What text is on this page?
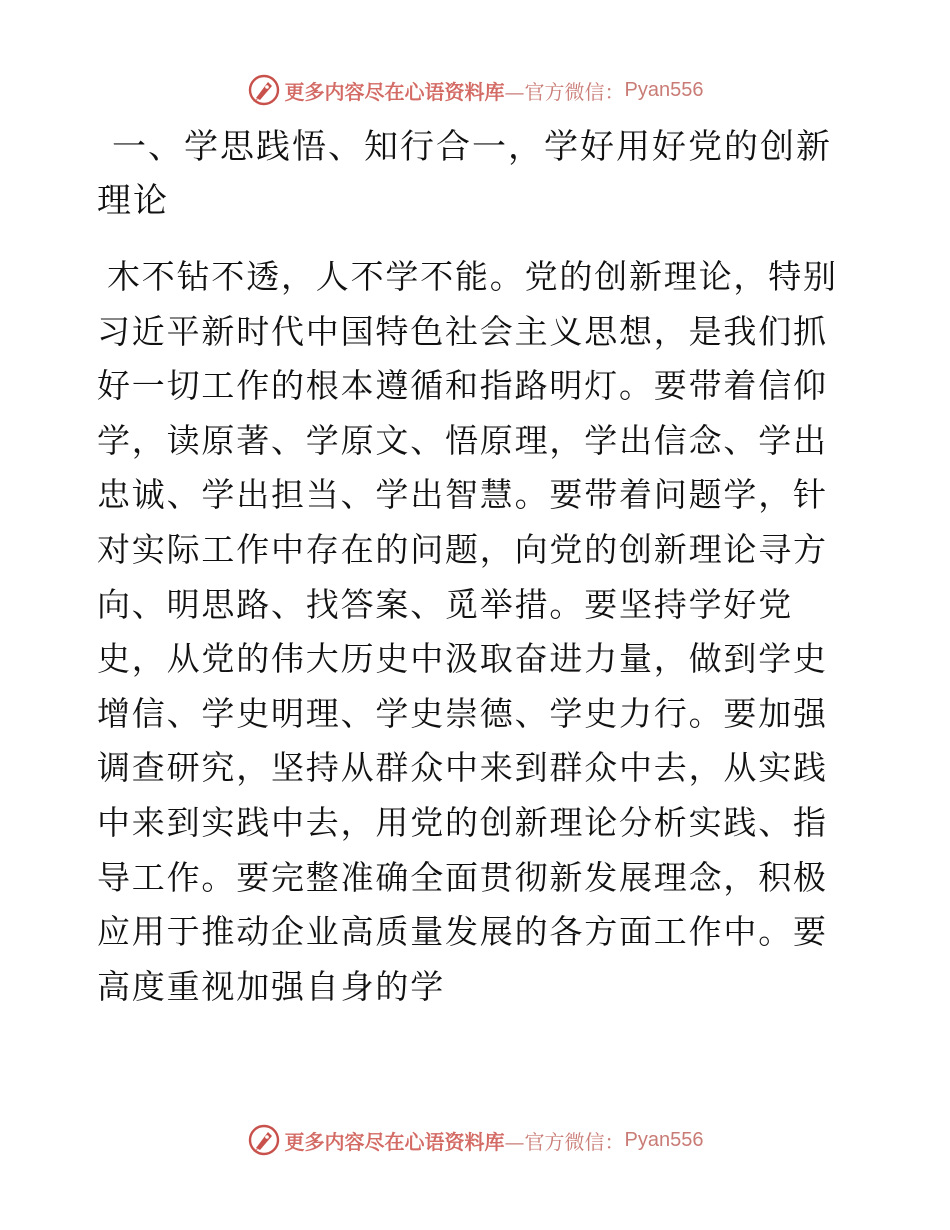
更多内容尽在心语资料库 —官方微信： Pyan556
一、学思践悟、知行合一，学好用好党的创新理论

木不钻不透，人不学不能。党的创新理论，特别习近平新时代中国特色社会主义思想，是我们抓好一切工作的根本遵循和指路明灯。要带着信仰学，读原著、学原文、悟原理，学出信念、学出忠诚、学出担当、学出智慧。要带着问题学，针对实际工作中存在的问题，向党的创新理论寻方向、明思路、找答案、觅举措。要坚持学好党史，从党的伟大历史中汲取奋进力量，做到学史增信、学史明理、学史崇德、学史力行。要加强调查研究，坚持从群众中来到群众中去，从实践中来到实践中去，用党的创新理论分析实践、指导工作。要完整准确全面贯彻新发展理念，积极应用于推动企业高质量发展的各方面工作中。要高度重视加强自身的学

更多内容尽在心语资料库 —官方微信： Pyan556
